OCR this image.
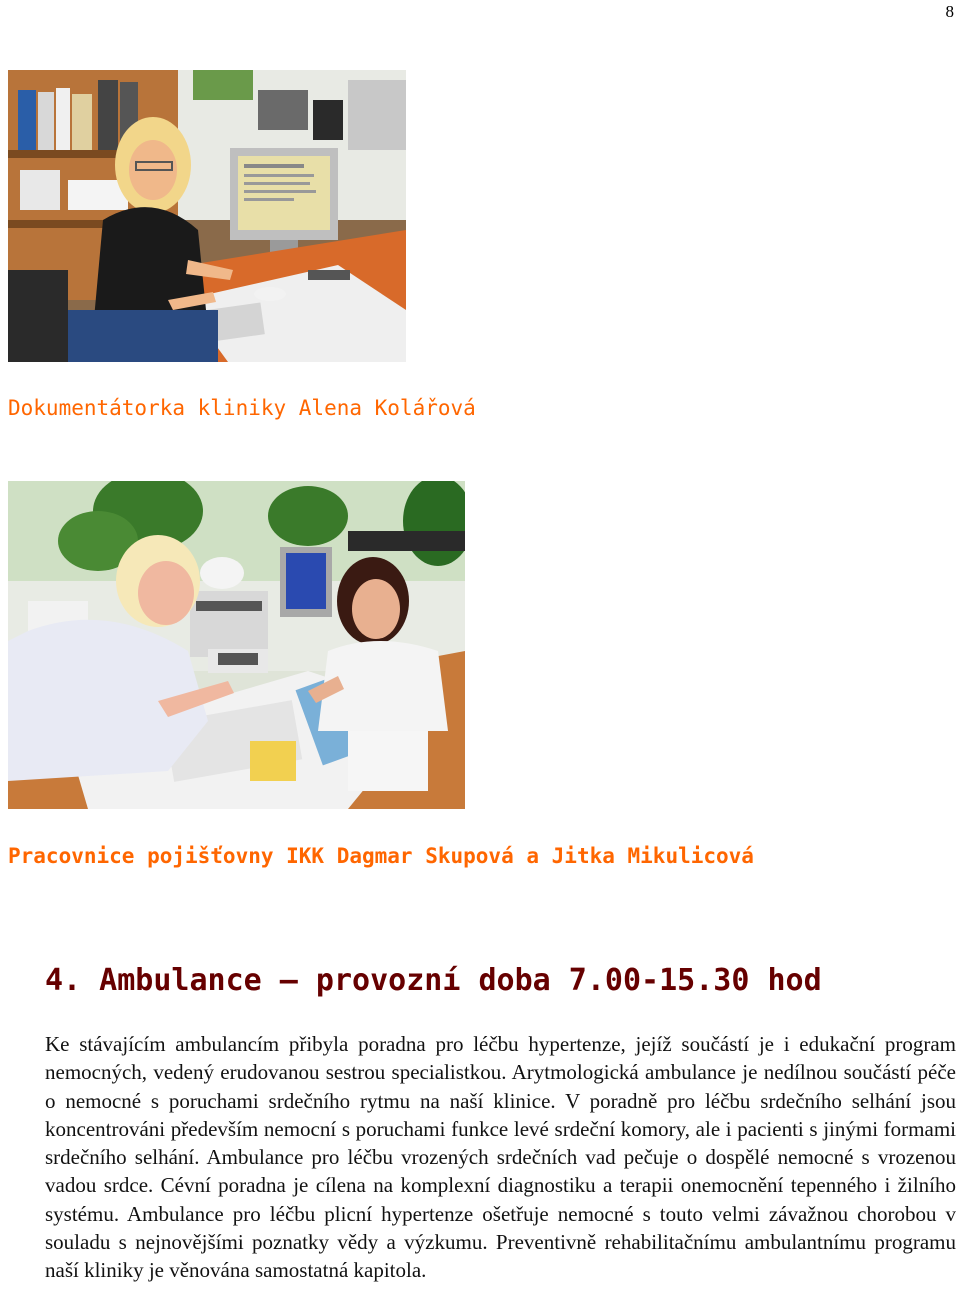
8
Dokumentátorka kliniky Alena Kolářová
Pracovnice pojišťovny IKK Dagmar Skupová a Jitka Mikulicová
4. Ambulance – provozní doba 7.00-15.30 hod
Ke stávajícím ambulancím přibyla poradna pro léčbu hypertenze, jejíž součástí je i edukační program nemocných, vedený erudovanou sestrou specialistkou. Arytmologická ambulance je nedílnou součástí péče o nemocné s poruchami srdečního rytmu na naší klinice. V poradně pro léčbu srdečního selhání jsou koncentrováni především nemocní s poruchami funkce levé srdeční komory, ale i pacienti s jinými formami srdečního selhání. Ambulance pro léčbu vrozených srdečních vad pečuje o dospělé nemocné s vrozenou vadou srdce. Cévní poradna je cílena na komplexní diagnostiku a terapii onemocnění tepenného i žilního systému. Ambulance pro léčbu plicní hypertenze ošetřuje nemocné s touto velmi závažnou chorobou v souladu s nejnovějšími poznatky vědy a výzkumu. Preventivně rehabilitačnímu ambulantnímu programu naší kliniky je věnována samostatná kapitola.
